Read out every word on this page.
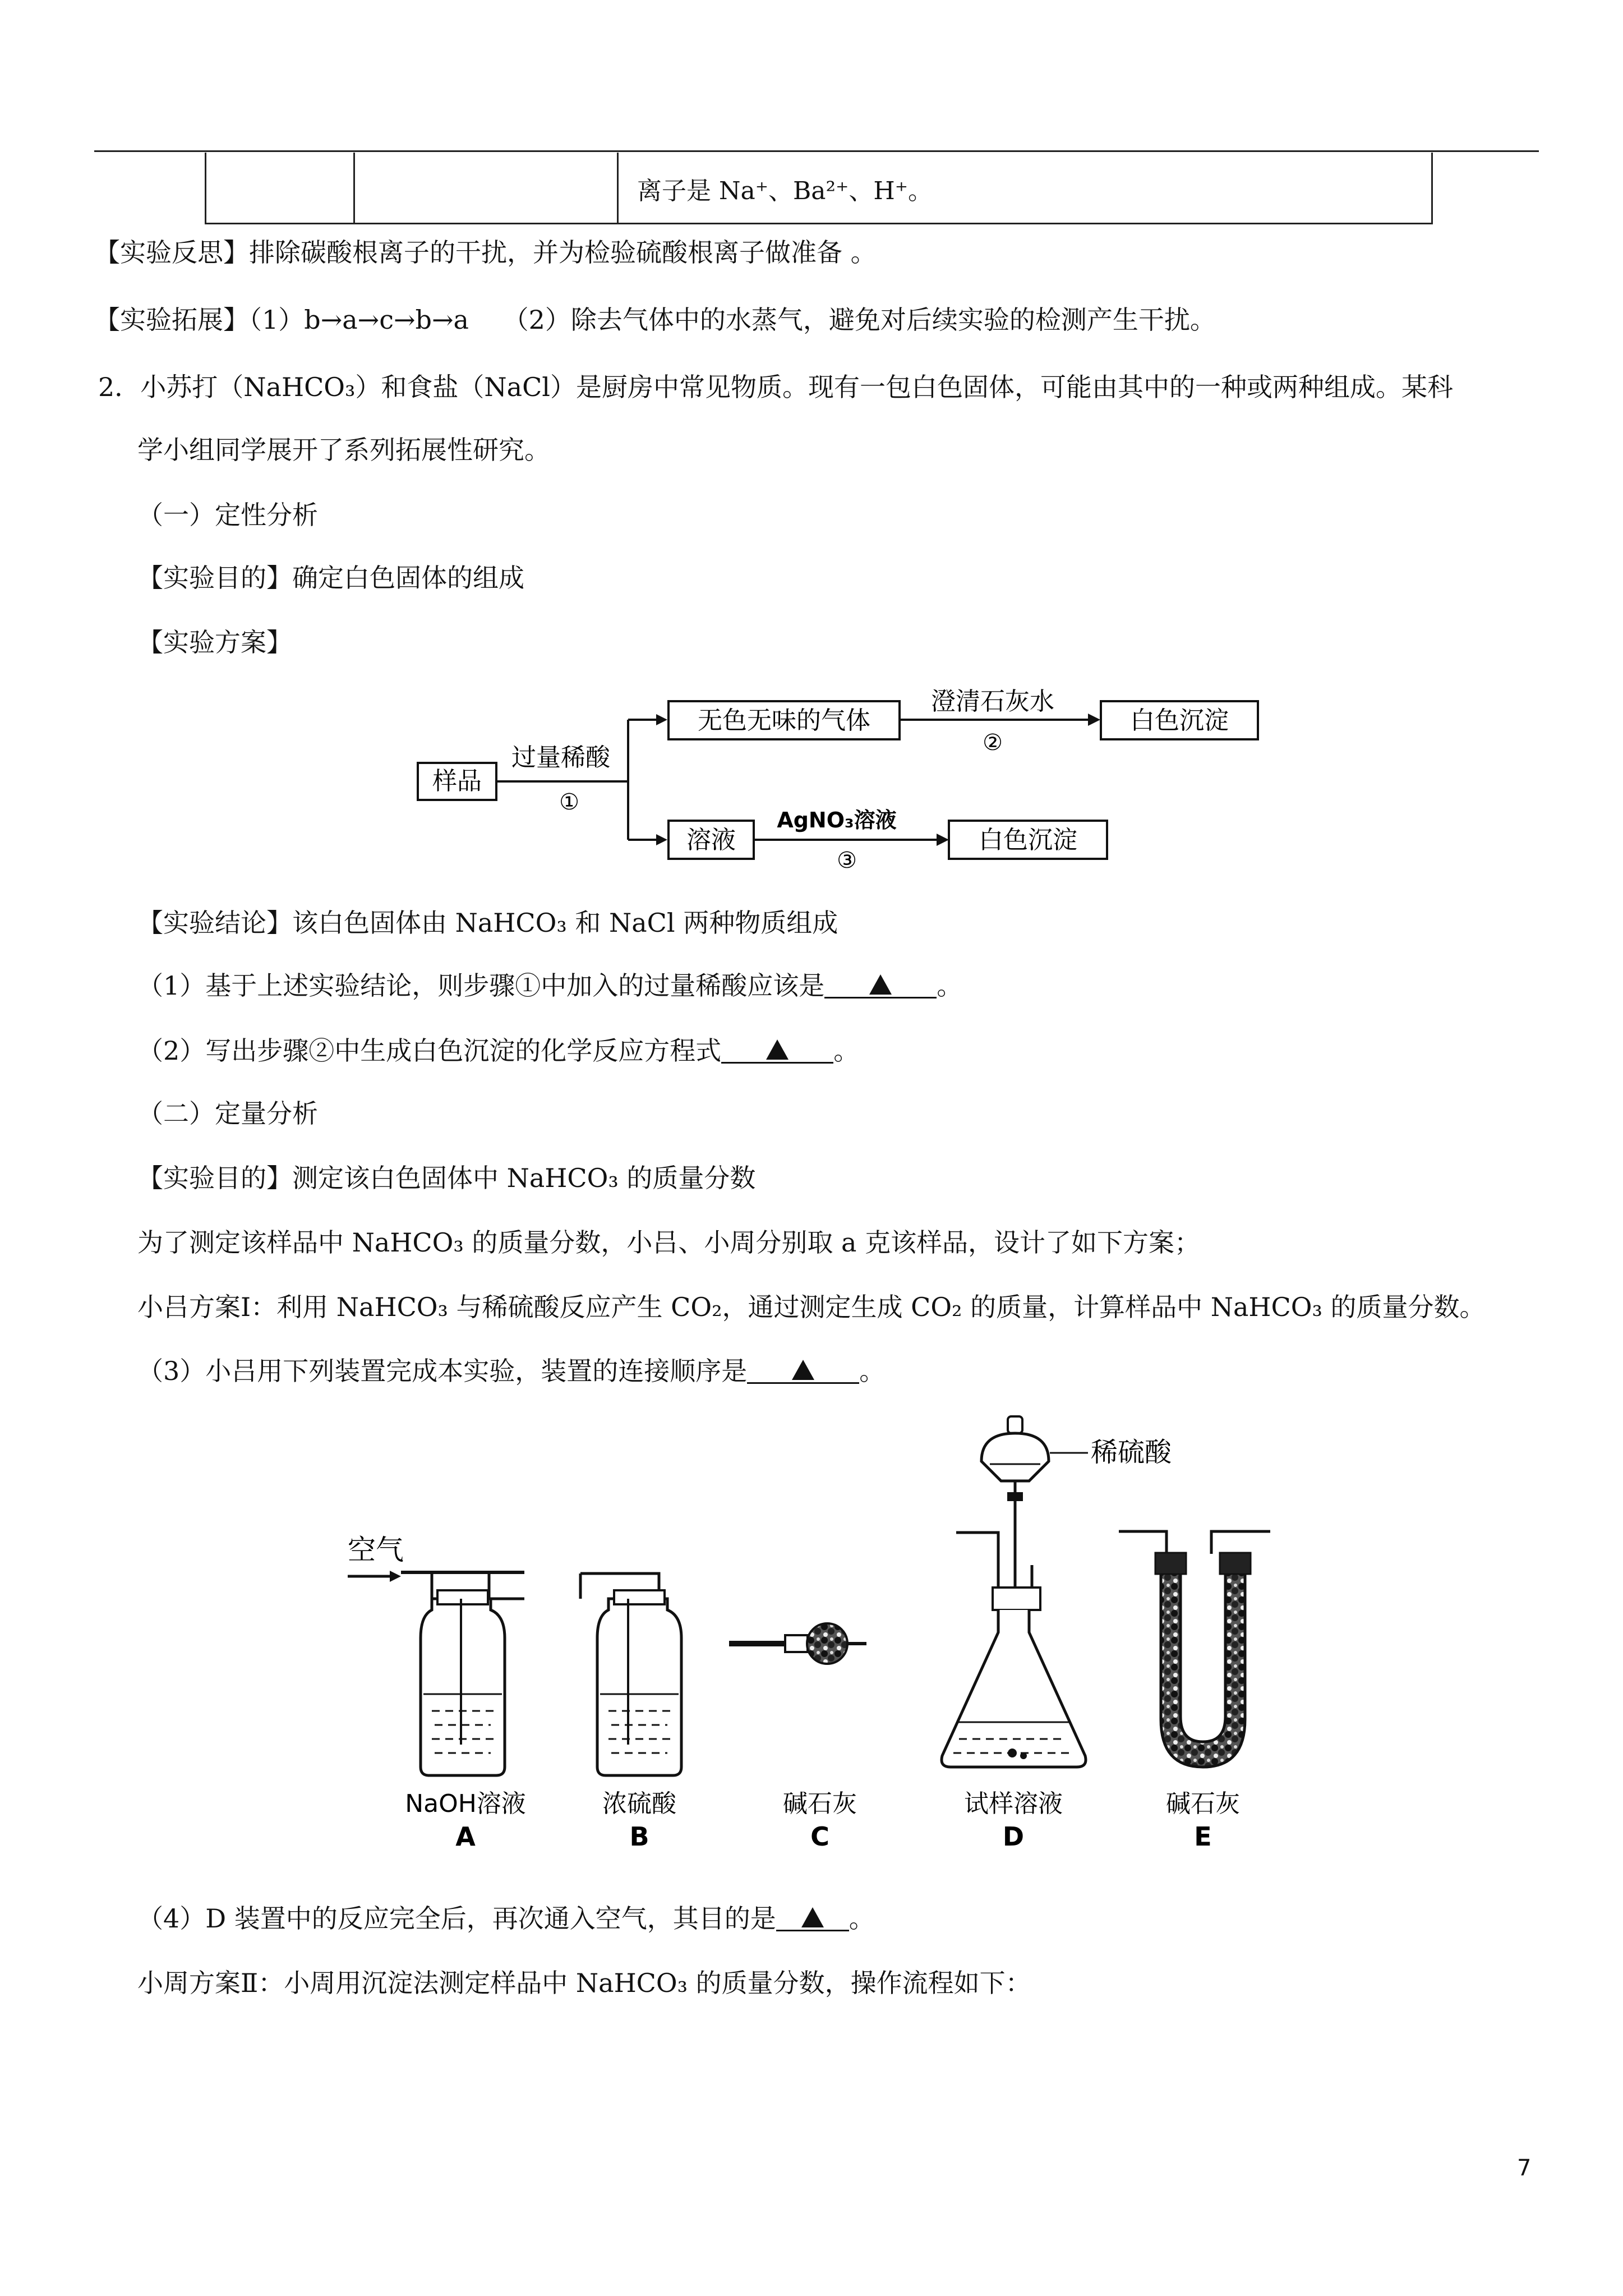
离子是 Na⁺、Ba²⁺、H⁺。
【实验反思】排除碳酸根离子的干扰，并为检验硫酸根离子做准备 。
【实验拓展】（1）b→a→c→b→a　 （2）除去气体中的水蒸气，避免对后续实验的检测产生干扰。
2．小苏打（NaHCO₃）和食盐（NaCl）是厨房中常见物质。现有一包白色固体，可能由其中的一种或两种组成。某科
学小组同学展开了系列拓展性研究。
（一）定性分析
【实验目的】确定白色固体的组成
【实验方案】
样品
过量稀酸
①
无色无味的气体
澄清石灰水
②
白色沉淀
溶液
AgNO₃溶液
③
白色沉淀
【实验结论】该白色固体由 NaHCO₃ 和 NaCl 两种物质组成
（1）基于上述实验结论，则步骤①中加入的过量稀酸应该是	。
（2）写出步骤②中生成白色沉淀的化学反应方程式	。
（二）定量分析
【实验目的】测定该白色固体中 NaHCO₃ 的质量分数
为了测定该样品中 NaHCO₃ 的质量分数，小吕、小周分别取 a 克该样品，设计了如下方案；
小吕方案Ⅰ：利用 NaHCO₃ 与稀硫酸反应产生 CO₂，通过测定生成 CO₂ 的质量，计算样品中 NaHCO₃ 的质量分数。
（3）小吕用下列装置完成本实验，装置的连接顺序是	。
空气
稀硫酸
NaOH溶液	浓硫酸	碱石灰	试样溶液	碱石灰
A	B	C	D	E
（4）D 装置中的反应完全后，再次通入空气，其目的是	。
小周方案Ⅱ：小周用沉淀法测定样品中 NaHCO₃ 的质量分数，操作流程如下：
7
